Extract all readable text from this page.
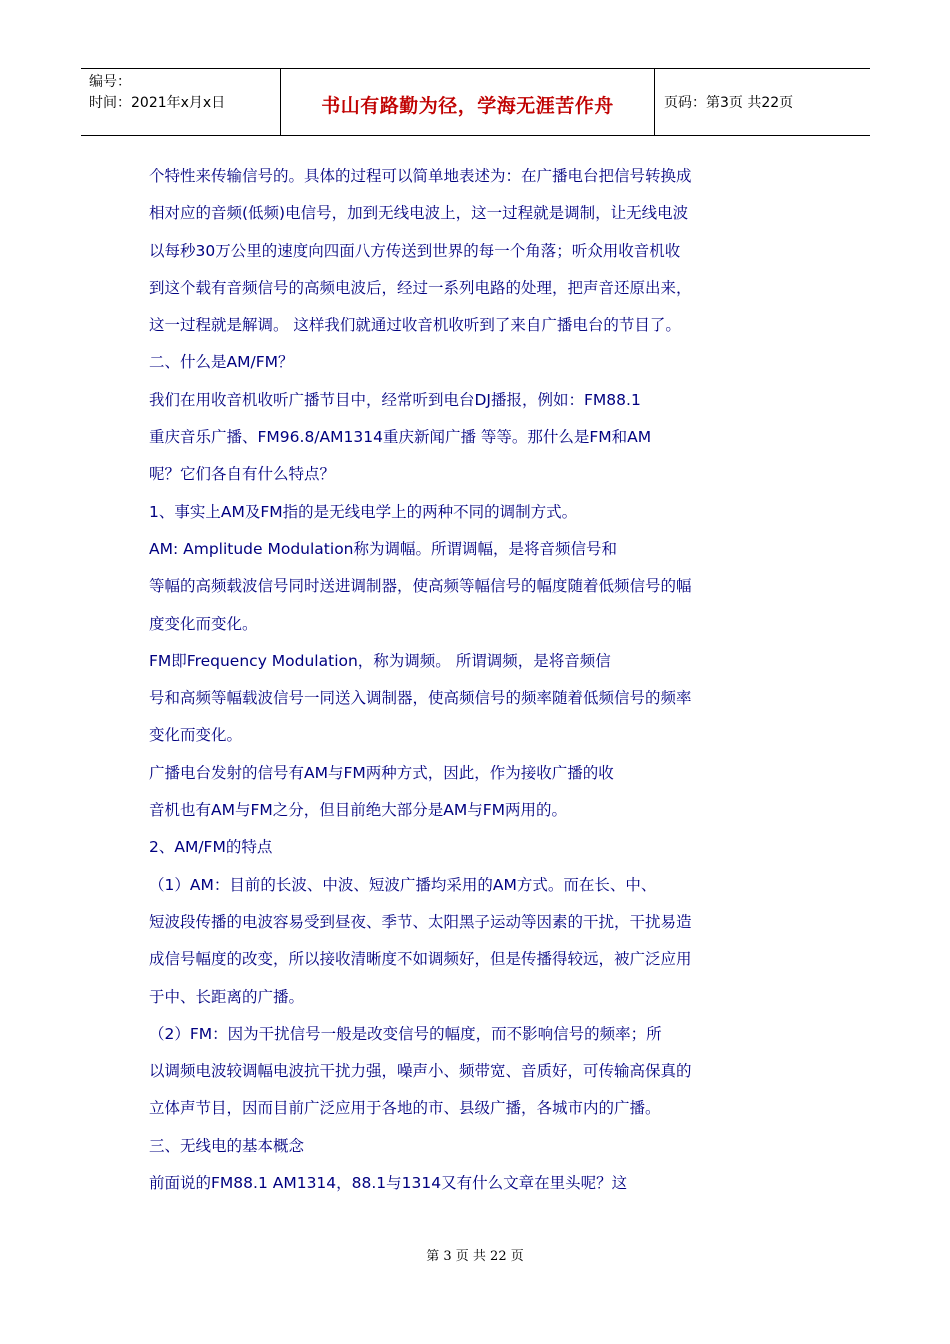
编号：
时间：2021年x月x日	书山有路勤为径，学海无涯苦作舟	页码：第3页 共22页

个特性来传输信号的。具体的过程可以简单地表述为：在广播电台把信号转换成

相对应的音频(低频)电信号，加到无线电波上，这一过程就是调制，让无线电波

以每秒30万公里的速度向四面八方传送到世界的每一个角落；听众用收音机收

到这个载有音频信号的高频电波后，经过一系列电路的处理，把声音还原出来，

这一过程就是解调。 这样我们就通过收音机收听到了来自广播电台的节目了。

二、什么是AM/FM？

我们在用收音机收听广播节目中，经常听到电台DJ播报，例如：FM88.1

重庆音乐广播、FM96.8/AM1314重庆新闻广播 等等。那什么是FM和AM

呢？它们各自有什么特点？

1、事实上AM及FM指的是无线电学上的两种不同的调制方式。

AM: Amplitude Modulation称为调幅。所谓调幅，是将音频信号和

等幅的高频载波信号同时送进调制器，使高频等幅信号的幅度随着低频信号的幅

度变化而变化。

FM即Frequency Modulation，称为调频。 所谓调频，是将音频信

号和高频等幅载波信号一同送入调制器，使高频信号的频率随着低频信号的频率

变化而变化。

广播电台发射的信号有AM与FM两种方式，因此，作为接收广播的收

音机也有AM与FM之分，但目前绝大部分是AM与FM两用的。

2、AM/FM的特点

（1）AM：目前的长波、中波、短波广播均采用的AM方式。而在长、中、

短波段传播的电波容易受到昼夜、季节、太阳黑子运动等因素的干扰，干扰易造

成信号幅度的改变，所以接收清晰度不如调频好，但是传播得较远，被广泛应用

于中、长距离的广播。

（2）FM：因为干扰信号一般是改变信号的幅度，而不影响信号的频率；所

以调频电波较调幅电波抗干扰力强，噪声小、频带宽、音质好，可传输高保真的

立体声节目，因而目前广泛应用于各地的市、县级广播，各城市内的广播。

三、无线电的基本概念

前面说的FM88.1 AM1314，88.1与1314又有什么文章在里头呢？这

第 3 页 共 22 页
